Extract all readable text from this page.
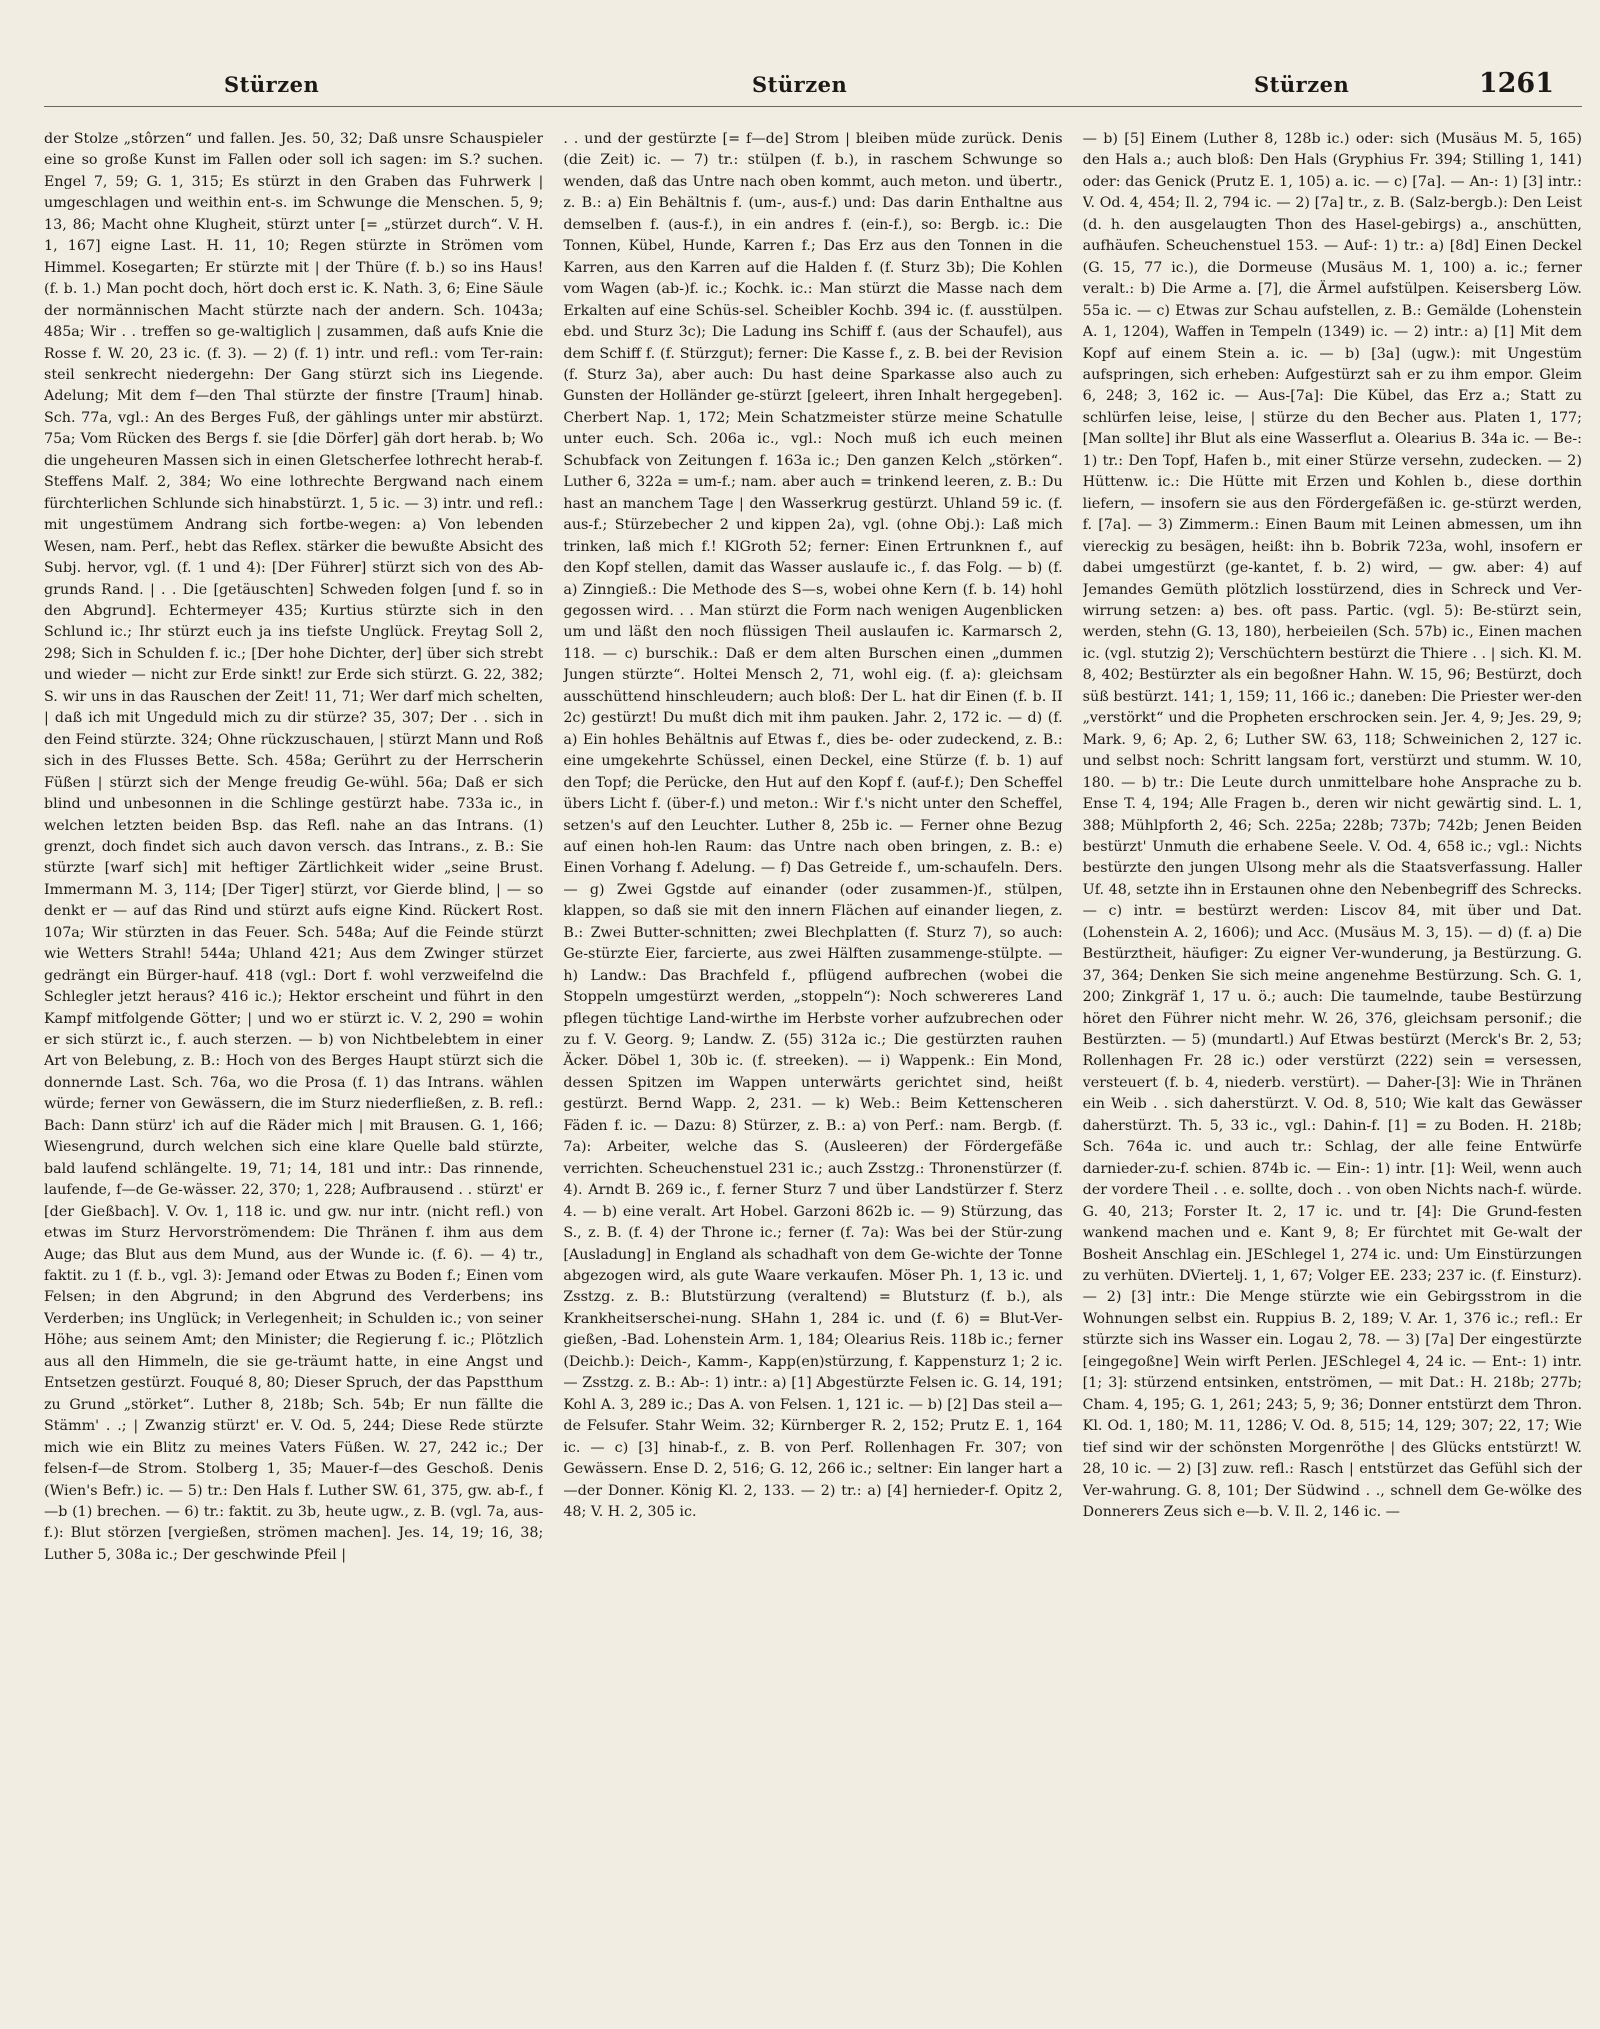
Stürzen	Stürzen	Stürzen	1261

der Stolze „stôrzen“ und fallen. Jes. 50, 32; Daß unsre Schauspieler eine so große Kunst im Fallen oder soll ich sagen: im S.? suchen. Engel 7, 59; G. 1, 315; Es stürzt in den Graben das Fuhrwerk | umgeschlagen und weithin ent-s. im Schwunge die Menschen. 5, 9; 13, 86; Macht ohne Klugheit, stürzt unter [= „stürzet durch“. V. H. 1, 167] eigne Last. H. 11, 10; Regen stürzte in Strömen vom Himmel. Kosegarten; Er stürzte mit | der Thüre (f. b.) so ins Haus! (f. b. 1.) Man pocht doch, hört doch erst ic. K. Nath. 3, 6; Eine Säule der normännischen Macht stürzte nach der andern. Sch. 1043a; 485a; Wir . . treffen so ge-waltiglich | zusammen, daß aufs Knie die Rosse f. W. 20, 23 ic. (f. 3). — 2) (f. 1) intr. und refl.: vom Ter-rain: steil senkrecht niedergehn: Der Gang stürzt sich ins Liegende. Adelung; Mit dem f—den Thal stürzte der finstre [Traum] hinab. Sch. 77a, vgl.: An des Berges Fuß, der gählings unter mir abstürzt. 75a; Vom Rücken des Bergs f. sie [die Dörfer] gäh dort herab. b; Wo die ungeheuren Massen sich in einen Gletscherfee lothrecht herab-f. Steffens Malf. 2, 384; Wo eine lothrechte Bergwand nach einem fürchterlichen Schlunde sich hinabstürzt. 1, 5 ic. — 3) intr. und refl.: mit ungestümem Andrang sich fortbe-wegen: a) Von lebenden Wesen, nam. Perf., hebt das Reflex. stärker die bewußte Absicht des Subj. hervor, vgl. (f. 1 und 4): [Der Führer] stürzt sich von des Ab-grunds Rand. | . . Die [getäuschten] Schweden folgen [und f. so in den Abgrund]. Echtermeyer 435; Kurtius stürzte sich in den Schlund ic.; Ihr stürzt euch ja ins tiefste Unglück. Freytag Soll 2, 298; Sich in Schulden f. ic.; [Der hohe Dichter, der] über sich strebt und wieder — nicht zur Erde sinkt! zur Erde sich stürzt. G. 22, 382; S. wir uns in das Rauschen der Zeit! 11, 71; Wer darf mich schelten, | daß ich mit Ungeduld mich zu dir stürze? 35, 307; Der . . sich in den Feind stürzte. 324; Ohne rückzuschauen, | stürzt Mann und Roß sich in des Flusses Bette. Sch. 458a; Gerührt zu der Herrscherin Füßen | stürzt sich der Menge freudig Ge-wühl. 56a; Daß er sich blind und unbesonnen in die Schlinge gestürzt habe. 733a ic., in welchen letzten beiden Bsp. das Refl. nahe an das Intrans. (1) grenzt, doch findet sich auch davon versch. das Intrans., z. B.: Sie stürzte [warf sich] mit heftiger Zärtlichkeit wider „seine Brust. Immermann M. 3, 114; [Der Tiger] stürzt, vor Gierde blind, | — so denkt er — auf das Rind und stürzt aufs eigne Kind. Rückert Rost. 107a; Wir stürzten in das Feuer. Sch. 548a; Auf die Feinde stürzt wie Wetters Strahl! 544a; Uhland 421; Aus dem Zwinger stürzet gedrängt ein Bürger-hauf. 418 (vgl.: Dort f. wohl verzweifelnd die Schlegler jetzt heraus? 416 ic.); Hektor erscheint und führt in den Kampf mitfolgende Götter; | und wo er stürzt ic. V. 2, 290 = wohin er sich stürzt ic., f. auch sterzen. — b) von Nichtbelebtem in einer Art von Belebung, z. B.: Hoch von des Berges Haupt stürzt sich die donnernde Last. Sch. 76a, wo die Prosa (f. 1) das Intrans. wählen würde; ferner von Gewässern, die im Sturz niederfließen, z. B. refl.: Bach: Dann stürz' ich auf die Räder mich | mit Brausen. G. 1, 166; Wiesengrund, durch welchen sich eine klare Quelle bald stürzte, bald laufend schlängelte. 19, 71; 14, 181 und intr.: Das rinnende, laufende, f—de Ge-wässer. 22, 370; 1, 228; Aufbrausend . . stürzt' er [der Gießbach]. V. Ov. 1, 118 ic. und gw. nur intr. (nicht refl.) von etwas im Sturz Hervorströmendem: Die Thränen f. ihm aus dem Auge; das Blut aus dem Mund, aus der Wunde ic. (f. 6). — 4) tr., faktit. zu 1 (f. b., vgl. 3): Jemand oder Etwas zu Boden f.; Einen vom Felsen; in den Abgrund; in den Abgrund des Verderbens; ins Verderben; ins Unglück; in Verlegenheit; in Schulden ic.; von seiner Höhe; aus seinem Amt; den Minister; die Regierung f. ic.; Plötzlich aus all den Himmeln, die sie ge-träumt hatte, in eine Angst und Entsetzen gestürzt. Fouqué 8, 80; Dieser Spruch, der das Papstthum zu Grund „störket“. Luther 8, 218b; Sch. 54b; Er nun fällte die Stämm' . .; | Zwanzig stürzt' er. V. Od. 5, 244; Diese Rede stürzte mich wie ein Blitz zu meines Vaters Füßen. W. 27, 242 ic.; Der felsen-f—de Strom. Stolberg 1, 35; Mauer-f—des Geschoß. Denis (Wien's Befr.) ic. — 5) tr.: Den Hals f. Luther SW. 61, 375, gw. ab-f., f—b (1) brechen. — 6) tr.: faktit. zu 3b, heute ugw., z. B. (vgl. 7a, aus-f.): Blut störzen [vergießen, strömen machen]. Jes. 14, 19; 16, 38; Luther 5, 308a ic.; Der geschwinde Pfeil |

. . und der gestürzte [= f—de] Strom | bleiben müde zurück. Denis (die Zeit) ic. — 7) tr.: stülpen (f. b.), in raschem Schwunge so wenden, daß das Untre nach oben kommt, auch meton. und übertr., z. B.: a) Ein Behältnis f. (um-, aus-f.) und: Das darin Enthaltne aus demselben f. (aus-f.), in ein andres f. (ein-f.), so: Bergb. ic.: Die Tonnen, Kübel, Hunde, Karren f.; Das Erz aus den Tonnen in die Karren, aus den Karren auf die Halden f. (f. Sturz 3b); Die Kohlen vom Wagen (ab-)f. ic.; Kochk. ic.: Man stürzt die Masse nach dem Erkalten auf eine Schüs-sel. Scheibler Kochb. 394 ic. (f. ausstülpen. ebd. und Sturz 3c); Die Ladung ins Schiff f. (aus der Schaufel), aus dem Schiff f. (f. Stürzgut); ferner: Die Kasse f., z. B. bei der Revision (f. Sturz 3a), aber auch: Du hast deine Sparkasse also auch zu Gunsten der Holländer ge-stürzt [geleert, ihren Inhalt hergegeben]. Cherbert Nap. 1, 172; Mein Schatzmeister stürze meine Schatulle unter euch. Sch. 206a ic., vgl.: Noch muß ich euch meinen Schubfack von Zeitungen f. 163a ic.; Den ganzen Kelch „störken“. Luther 6, 322a = um-f.; nam. aber auch = trinkend leeren, z. B.: Du hast an manchem Tage | den Wasserkrug gestürzt. Uhland 59 ic. (f. aus-f.; Stürzebecher 2 und kippen 2a), vgl. (ohne Obj.): Laß mich trinken, laß mich f.! KlGroth 52; ferner: Einen Ertrunknen f., auf den Kopf stellen, damit das Wasser auslaufe ic., f. das Folg. — b) (f. a) Zinngieß.: Die Methode des S—s, wobei ohne Kern (f. b. 14) hohl gegossen wird. . . Man stürzt die Form nach wenigen Augenblicken um und läßt den noch flüssigen Theil auslaufen ic. Karmarsch 2, 118. — c) burschik.: Daß er dem alten Burschen einen „dummen Jungen stürzte“. Holtei Mensch 2, 71, wohl eig. (f. a): gleichsam ausschüttend hinschleudern; auch bloß: Der L. hat dir Einen (f. b. II 2c) gestürzt! Du mußt dich mit ihm pauken. Jahr. 2, 172 ic. — d) (f. a) Ein hohles Behältnis auf Etwas f., dies be- oder zudeckend, z. B.: eine umgekehrte Schüssel, einen Deckel, eine Stürze (f. b. 1) auf den Topf; die Perücke, den Hut auf den Kopf f. (auf-f.); Den Scheffel übers Licht f. (über-f.) und meton.: Wir f.'s nicht unter den Scheffel, setzen's auf den Leuchter. Luther 8, 25b ic. — Ferner ohne Bezug auf einen hoh-len Raum: das Untre nach oben bringen, z. B.: e) Einen Vorhang f. Adelung. — f) Das Getreide f., um-schaufeln. Ders. — g) Zwei Ggstde auf einander (oder zusammen-)f., stülpen, klappen, so daß sie mit den innern Flächen auf einander liegen, z. B.: Zwei Butter-schnitten; zwei Blechplatten (f. Sturz 7), so auch: Ge-stürzte Eier, farcierte, aus zwei Hälften zusammenge-stülpte. — h) Landw.: Das Brachfeld f., pflügend aufbrechen (wobei die Stoppeln umgestürzt werden, „stoppeln“): Noch schwereres Land pflegen tüchtige Land-wirthe im Herbste vorher aufzubrechen oder zu f. V. Georg. 9; Landw. Z. (55) 312a ic.; Die gestürzten rauhen Äcker. Döbel 1, 30b ic. (f. streeken). — i) Wappenk.: Ein Mond, dessen Spitzen im Wappen unterwärts gerichtet sind, heißt gestürzt. Bernd Wapp. 2, 231. — k) Web.: Beim Kettenscheren Fäden f. ic. — Dazu: 8) Stürzer, z. B.: a) von Perf.: nam. Bergb. (f. 7a): Arbeiter, welche das S. (Ausleeren) der Fördergefäße verrichten. Scheuchenstuel 231 ic.; auch Zsstzg.: Thronenstürzer (f. 4). Arndt B. 269 ic., f. ferner Sturz 7 und über Landstürzer f. Sterz 4. — b) eine veralt. Art Hobel. Garzoni 862b ic. — 9) Stürzung, das S., z. B. (f. 4) der Throne ic.; ferner (f. 7a): Was bei der Stür-zung [Ausladung] in England als schadhaft von dem Ge-wichte der Tonne abgezogen wird, als gute Waare verkaufen. Möser Ph. 1, 13 ic. und Zsstzg. z. B.: Blutstürzung (veraltend) = Blutsturz (f. b.), als Krankheitserschei-nung. SHahn 1, 284 ic. und (f. 6) = Blut-Ver-gießen, -Bad. Lohenstein Arm. 1, 184; Olearius Reis. 118b ic.; ferner (Deichb.): Deich-, Kamm-, Kapp(en)stürzung, f. Kappensturz 1; 2 ic. — Zsstzg. z. B.: Ab-: 1) intr.: a) [1] Abgestürzte Felsen ic. G. 14, 191; Kohl A. 3, 289 ic.; Das A. von Felsen. 1, 121 ic. — b) [2] Das steil a—de Felsufer. Stahr Weim. 32; Kürnberger R. 2, 152; Prutz E. 1, 164 ic. — c) [3] hinab-f., z. B. von Perf. Rollenhagen Fr. 307; von Gewässern. Ense D. 2, 516; G. 12, 266 ic.; seltner: Ein langer hart a—der Donner. König Kl. 2, 133. — 2) tr.: a) [4] hernieder-f. Opitz 2, 48; V. H. 2, 305 ic.

— b) [5] Einem (Luther 8, 128b ic.) oder: sich (Musäus M. 5, 165) den Hals a.; auch bloß: Den Hals (Gryphius Fr. 394; Stilling 1, 141) oder: das Genick (Prutz E. 1, 105) a. ic. — c) [7a]. — An-: 1) [3] intr.: V. Od. 4, 454; Il. 2, 794 ic. — 2) [7a] tr., z. B. (Salz-bergb.): Den Leist (d. h. den ausgelaugten Thon des Hasel-gebirgs) a., anschütten, aufhäufen. Scheuchenstuel 153. — Auf-: 1) tr.: a) [8d] Einen Deckel (G. 15, 77 ic.), die Dormeuse (Musäus M. 1, 100) a. ic.; ferner veralt.: b) Die Arme a. [7], die Ärmel aufstülpen. Keisersberg Löw. 55a ic. — c) Etwas zur Schau aufstellen, z. B.: Gemälde (Lohenstein A. 1, 1204), Waffen in Tempeln (1349) ic. — 2) intr.: a) [1] Mit dem Kopf auf einem Stein a. ic. — b) [3a] (ugw.): mit Ungestüm aufspringen, sich erheben: Aufgestürzt sah er zu ihm empor. Gleim 6, 248; 3, 162 ic. — Aus-[7a]: Die Kübel, das Erz a.; Statt zu schlürfen leise, leise, | stürze du den Becher aus. Platen 1, 177; [Man sollte] ihr Blut als eine Wasserflut a. Olearius B. 34a ic. — Be-: 1) tr.: Den Topf, Hafen b., mit einer Stürze versehn, zudecken. — 2) Hüttenw. ic.: Die Hütte mit Erzen und Kohlen b., diese dorthin liefern, — insofern sie aus den Fördergefäßen ic. ge-stürzt werden, f. [7a]. — 3) Zimmerm.: Einen Baum mit Leinen abmessen, um ihn viereckig zu besägen, heißt: ihn b. Bobrik 723a, wohl, insofern er dabei umgestürzt (ge-kantet, f. b. 2) wird, — gw. aber: 4) auf Jemandes Gemüth plötzlich losstürzend, dies in Schreck und Ver-wirrung setzen: a) bes. oft pass. Partic. (vgl. 5): Be-stürzt sein, werden, stehn (G. 13, 180), herbeieilen (Sch. 57b) ic., Einen machen ic. (vgl. stutzig 2); Verschüchtern bestürzt die Thiere . . | sich. Kl. M. 8, 402; Bestürzter als ein begoßner Hahn. W. 15, 96; Bestürzt, doch süß bestürzt. 141; 1, 159; 11, 166 ic.; daneben: Die Priester wer-den „verstörkt“ und die Propheten erschrocken sein. Jer. 4, 9; Jes. 29, 9; Mark. 9, 6; Ap. 2, 6; Luther SW. 63, 118; Schweinichen 2, 127 ic. und selbst noch: Schritt langsam fort, verstürzt und stumm. W. 10, 180. — b) tr.: Die Leute durch unmittelbare hohe Ansprache zu b. Ense T. 4, 194; Alle Fragen b., deren wir nicht gewärtig sind. L. 1, 388; Mühlpforth 2, 46; Sch. 225a; 228b; 737b; 742b; Jenen Beiden bestürzt' Unmuth die erhabene Seele. V. Od. 4, 658 ic.; vgl.: Nichts bestürzte den jungen Ulsong mehr als die Staatsverfassung. Haller Uf. 48, setzte ihn in Erstaunen ohne den Nebenbegriff des Schrecks. — c) intr. = bestürzt werden: Liscov 84, mit über und Dat. (Lohenstein A. 2, 1606); und Acc. (Musäus M. 3, 15). — d) (f. a) Die Bestürztheit, häufiger: Zu eigner Ver-wunderung, ja Bestürzung. G. 37, 364; Denken Sie sich meine angenehme Bestürzung. Sch. G. 1, 200; Zinkgräf 1, 17 u. ö.; auch: Die taumelnde, taube Bestürzung höret den Führer nicht mehr. W. 26, 376, gleichsam personif.; die Bestürzten. — 5) (mundartl.) Auf Etwas bestürzt (Merck's Br. 2, 53; Rollenhagen Fr. 28 ic.) oder verstürzt (222) sein = versessen, versteuert (f. b. 4, niederb. verstürt). — Daher-[3]: Wie in Thränen ein Weib . . sich daherstürzt. V. Od. 8, 510; Wie kalt das Gewässer daherstürzt. Th. 5, 33 ic., vgl.: Dahin-f. [1] = zu Boden. H. 218b; Sch. 764a ic. und auch tr.: Schlag, der alle feine Entwürfe darnieder-zu-f. schien. 874b ic. — Ein-: 1) intr. [1]: Weil, wenn auch der vordere Theil . . e. sollte, doch . . von oben Nichts nach-f. würde. G. 40, 213; Forster It. 2, 17 ic. und tr. [4]: Die Grund-festen wankend machen und e. Kant 9, 8; Er fürchtet mit Ge-walt der Bosheit Anschlag ein. JESchlegel 1, 274 ic. und: Um Einstürzungen zu verhüten. DViertelj. 1, 1, 67; Volger EE. 233; 237 ic. (f. Einsturz). — 2) [3] intr.: Die Menge stürzte wie ein Gebirgsstrom in die Wohnungen selbst ein. Ruppius B. 2, 189; V. Ar. 1, 376 ic.; refl.: Er stürzte sich ins Wasser ein. Logau 2, 78. — 3) [7a] Der eingestürzte [eingegoßne] Wein wirft Perlen. JESchlegel 4, 24 ic. — Ent-: 1) intr. [1; 3]: stürzend entsinken, entströmen, — mit Dat.: H. 218b; 277b; Cham. 4, 195; G. 1, 261; 243; 5, 9; 36; Donner entstürzt dem Thron. Kl. Od. 1, 180; M. 11, 1286; V. Od. 8, 515; 14, 129; 307; 22, 17; Wie tief sind wir der schönsten Morgenröthe | des Glücks entstürzt! W. 28, 10 ic. — 2) [3] zuw. refl.: Rasch | entstürzet das Gefühl sich der Ver-wahrung. G. 8, 101; Der Südwind . ., schnell dem Ge-wölke des Donnerers Zeus sich e—b. V. Il. 2, 146 ic. —
